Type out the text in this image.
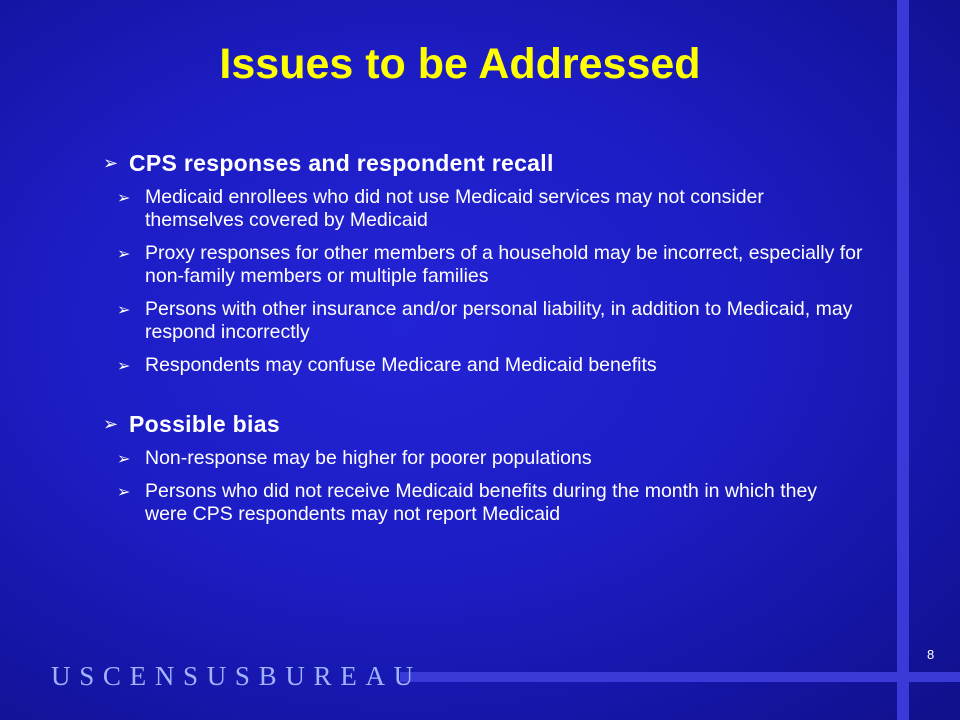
Issues to be Addressed
➢ CPS responses and respondent recall
➢ Medicaid enrollees who did not use Medicaid services may not consider themselves covered by Medicaid
➢ Proxy responses for other members of a household may be incorrect, especially for non-family members or multiple families
➢ Persons with other insurance and/or personal liability, in addition to Medicaid, may respond incorrectly
➢ Respondents may confuse Medicare and Medicaid benefits
➢ Possible bias
➢ Non-response may be higher for poorer populations
➢ Persons who did not receive Medicaid benefits during the month in which they were CPS respondents may not report Medicaid
USCENSUSBUREAU
8
